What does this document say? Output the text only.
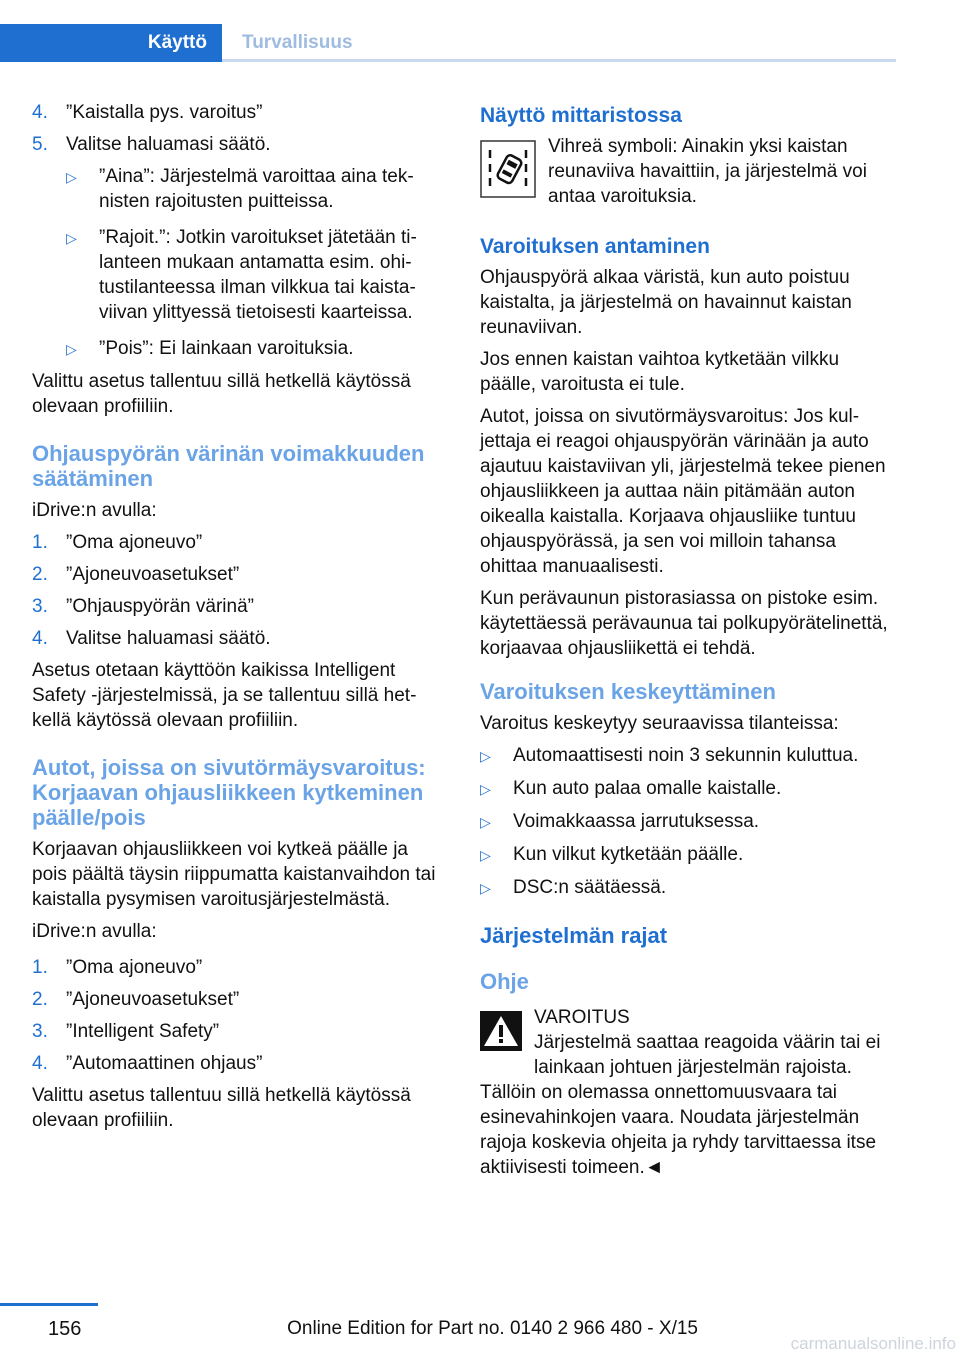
Käyttö	Turvallisuus
4. ”Kaistalla pys. varoitus”
5. Valitse haluamasi säätö.
▷	”Aina”: Järjestelmä varoittaa aina teknisten rajoitusten puitteissa.
▷	”Rajoit.”: Jotkin varoitukset jätetään tilanteen mukaan antamatta esim. ohitustilanteessa ilman vilkkua tai kaistaviivan ylittyessä tietoisesti kaarteissa.
▷	”Pois”: Ei lainkaan varoituksia.

Valittu asetus tallentuu sillä hetkellä käytössä olevaan profiiliin.

Ohjauspyörän värinän voimakkuuden säätäminen

iDrive:n avulla:

1. ”Oma ajoneuvo”
2. ”Ajoneuvoasetukset”
3. ”Ohjauspyörän värinä”
4. Valitse haluamasi säätö.

Asetus otetaan käyttöön kaikissa Intelligent Safety -järjestelmissä, ja se tallentuu sillä hetkellä käytössä olevaan profiiliin.

Autot, joissa on sivutörmäysvaroitus: Korjaavan ohjausliikkeen kytkeminen päälle/pois

Korjaavan ohjausliikkeen voi kytkeä päälle ja pois päältä täysin riippumatta kaistanvaihdon tai kaistalla pysymisen varoitusjärjestelmästä.

iDrive:n avulla:

1. ”Oma ajoneuvo”
2. ”Ajoneuvoasetukset”
3. ”Intelligent Safety”
4. ”Automaattinen ohjaus”

Valittu asetus tallentuu sillä hetkellä käytössä olevaan profiiliin.

Näyttö mittaristossa

Vihreä symboli: Ainakin yksi kaistan reunaviiva havaittiin, ja järjestelmä voi antaa varoituksia.

Varoituksen antaminen

Ohjauspyörä alkaa väristä, kun auto poistuu kaistalta, ja järjestelmä on havainnut kaistan reunaviivan.

Jos ennen kaistan vaihtoa kytketään vilkku päälle, varoitusta ei tule.

Autot, joissa on sivutörmäysvaroitus: Jos kuljettaja ei reagoi ohjauspyörän värinään ja auto ajautuu kaistaviivan yli, järjestelmä tekee pienen ohjausliikkeen ja auttaa näin pitämään auton oikealla kaistalla. Korjaava ohjausliike tuntuu ohjauspyörässä, ja sen voi milloin tahansa ohittaa manuaalisesti.

Kun perävaunun pistorasiassa on pistoke esim. käytettäessä perävaunua tai polkupyörätelinettä, korjaavaa ohjausliikettä ei tehdä.

Varoituksen keskeyttäminen

Varoitus keskeytyy seuraavissa tilanteissa:

▷	Automaattisesti noin 3 sekunnin kuluttua.
▷	Kun auto palaa omalle kaistalle.
▷	Voimakkaassa jarrutuksessa.
▷	Kun vilkut kytketään päälle.
▷	DSC:n säätäessä.
Järjestelmän rajat
Ohje

VAROITUS

Järjestelmä saattaa reagoida väärin tai ei lainkaan johtuen järjestelmän rajoista. Tällöin on olemassa onnettomuusvaara tai esinevahinkojen vaara. Noudata järjestelmän rajoja koskevia ohjeita ja ryhdy tarvittaessa itse aktiivisesti toimeen.◄

156	Online Edition for Part no. 0140 2 966 480 - X/15
carmanualsonline.info
